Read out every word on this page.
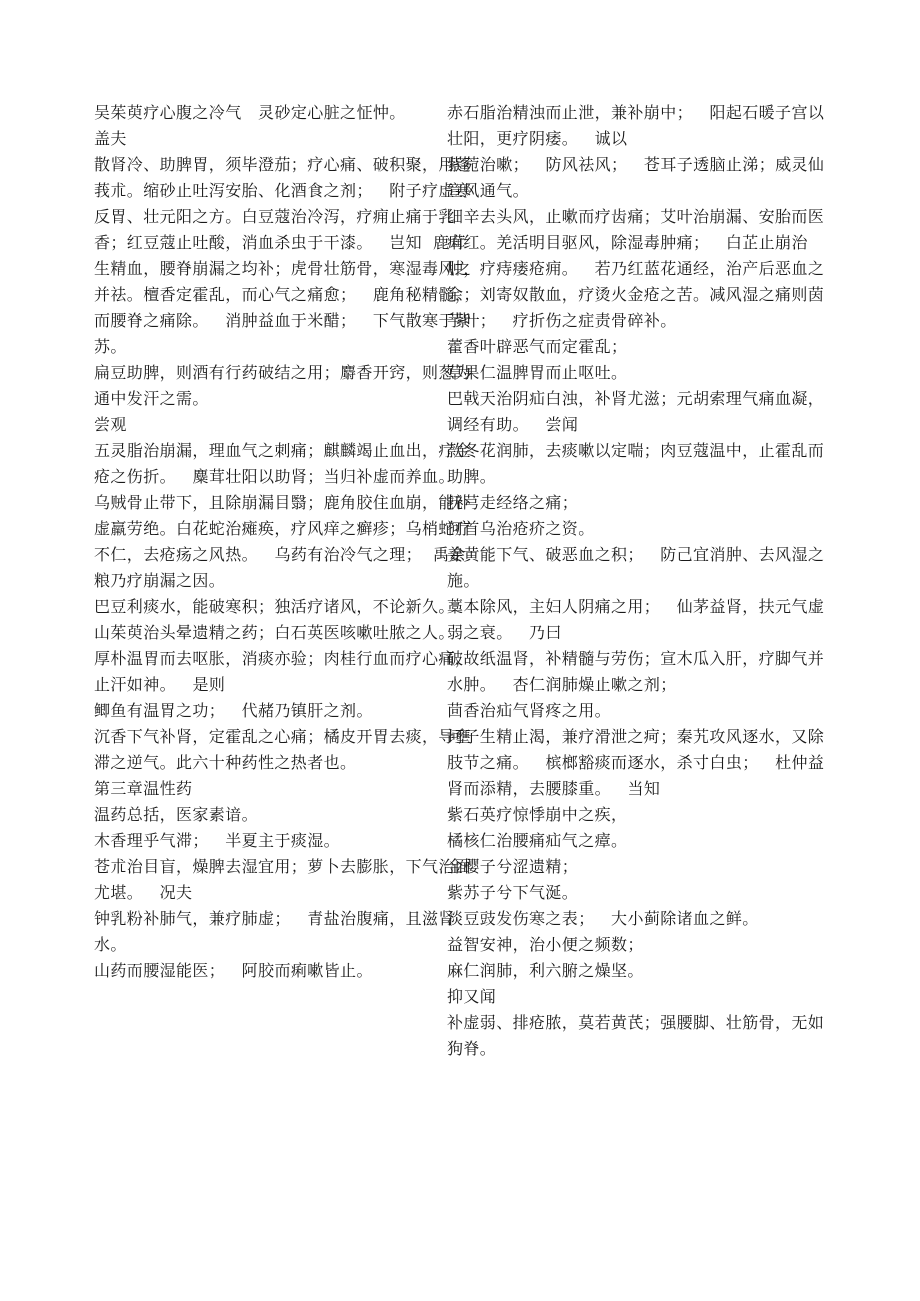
吴茱萸疗心腹之冷气   灵砂定心脏之怔忡。

盖夫

散肾冷、助脾胃，须毕澄茄；疗心痛、破积聚，用蓬莪朮。缩砂止吐泻安胎、化酒食之剂；   附子疗虚寒反胃、壮元阳之方。白豆蔻治冷泻，疗痈止痛于乳香；红豆蔻止吐酸，消血杀虫于干漆。   岂知  鹿茸生精血，腰脊崩漏之均补；虎骨壮筋骨，寒湿毒风之并祛。檀香定霍乱，而心气之痛愈；   鹿角秘精髓，而腰脊之痛除。   消肿益血于米醋；   下气散寒于紫苏。

扁豆助脾，则酒有行药破结之用；麝香开窍，则葱为通中发汗之需。

尝观

五灵脂治崩漏，理血气之刺痛；麒麟竭止血出，疗金疮之伤折。   麋茸壮阳以助肾；当归补虚而养血。

乌贼骨止带下，且除崩漏目翳；鹿角胶住血崩，能补虚羸劳绝。白花蛇治瘫痪，疗风痒之癣疹；乌梢蛇疗不仁，去疮疡之风热。   乌药有治冷气之理；  禹余粮乃疗崩漏之因。

巴豆利痰水，能破寒积；独活疗诸风，不论新久。

山茱萸治头晕遗精之药；白石英医咳嗽吐脓之人。

厚朴温胃而去呕胀，消痰亦验；肉桂行血而疗心痛，止汗如神。   是则

鲫鱼有温胃之功；   代赭乃镇肝之剂。

沉香下气补肾，定霍乱之心痛；橘皮开胃去痰，导壅滞之逆气。此六十种药性之热者也。

第三章温性药

温药总括，医家素谙。

木香理乎气滞；   半夏主于痰湿。

苍朮治目盲，燥脾去湿宜用；萝卜去膨胀，下气治面尤堪。   况夫

钟乳粉补肺气，兼疗肺虚；   青盐治腹痛，且滋肾水。

山药而腰湿能医；   阿胶而痢嗽皆止。

赤石脂治精浊而止泄，兼补崩中；   阳起石暖子宫以壮阳，更疗阴痿。   诚以

紫菀治嗽；   防风祛风；   苍耳子透脑止涕；威灵仙宣风通气。

细辛去头风，止嗽而疗齿痛；艾叶治崩漏、安胎而医痢红。羌活明目驱风，除湿毒肿痛；   白芷止崩治肿，疗痔瘘疮痈。   若乃红蓝花通经，治产后恶血之余；刘寄奴散血，疗烫火金疮之苦。减风湿之痛则茵芋叶；   疗折伤之症责骨碎补。

藿香叶辟恶气而定霍乱；

草果仁温脾胃而止呕吐。

巴戟天治阴疝白浊，补肾尤滋；元胡索理气痛血凝，调经有助。   尝闻

款冬花润肺，去痰嗽以定喘；肉豆蔻温中，止霍乱而助脾。

抚芎走经络之痛；

何首乌治疮疥之资。

姜黄能下气、破恶血之积；   防己宜消肿、去风湿之施。

藁本除风，主妇人阴痛之用；   仙茅益肾，扶元气虚弱之衰。   乃曰

破故纸温肾，补精髓与劳伤；宣木瓜入肝，疗脚气并水肿。   杏仁润肺燥止嗽之剂；

茴香治疝气肾疼之用。

诃子生精止渴，兼疗滑泄之疴；秦艽攻风逐水，又除肢节之痛。   槟榔豁痰而逐水，杀寸白虫；   杜仲益肾而添精，去腰膝重。   当知

紫石英疗惊悸崩中之疾，

橘核仁治腰痛疝气之瘴。

金樱子兮涩遗精；

紫苏子兮下气涎。

淡豆豉发伤寒之表；   大小蓟除诸血之鲜。

益智安神，治小便之频数；

麻仁润肺，利六腑之燥坚。

抑又闻

补虚弱、排疮脓，莫若黄芪；强腰脚、壮筋骨，无如狗脊。
